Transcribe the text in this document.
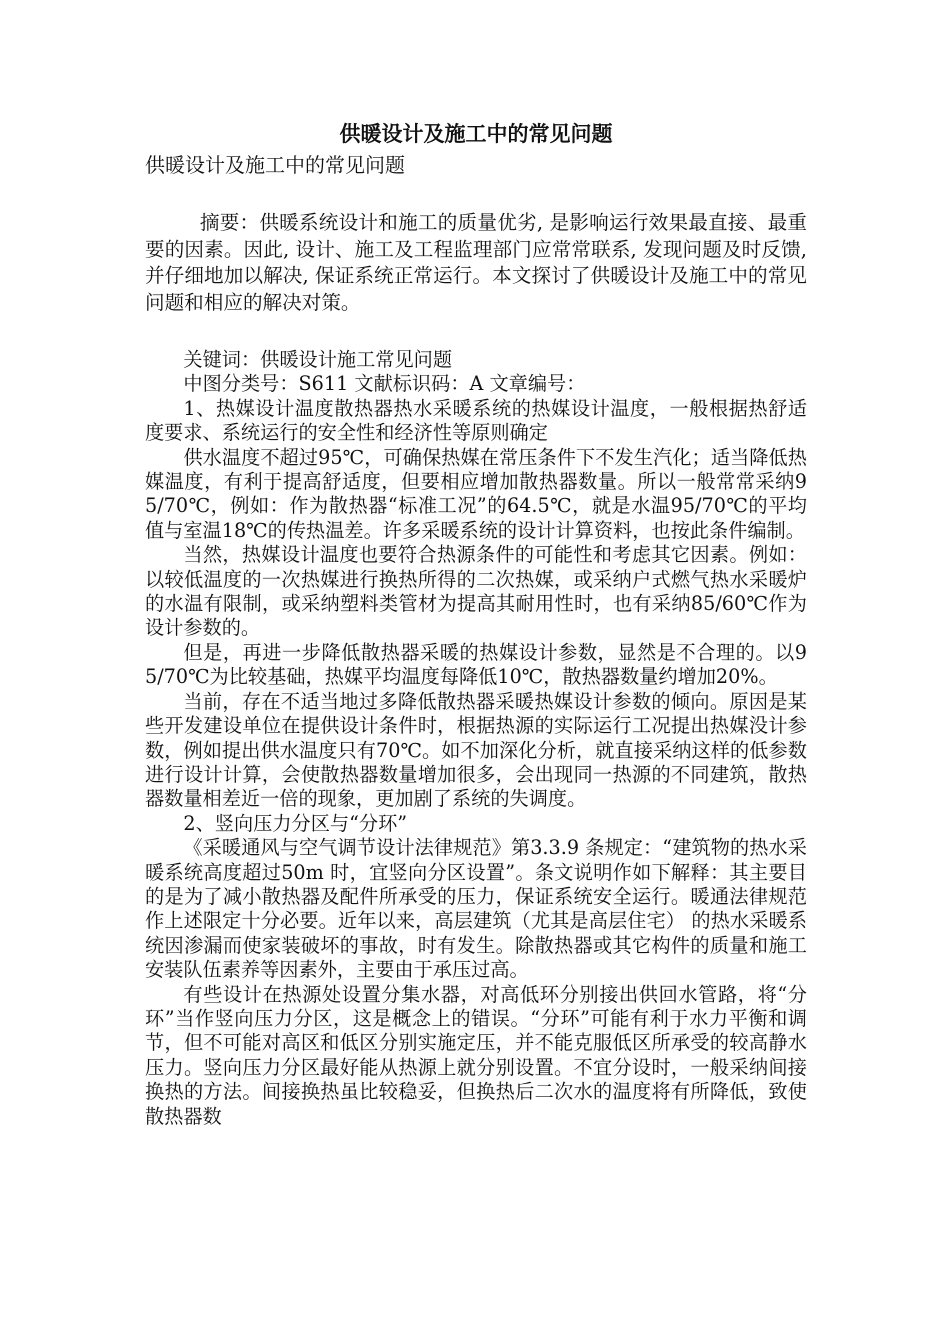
供暖设计及施工中的常见问题

供暖设计及施工中的常见问题

摘要：供暖系统设计和施工的质量优劣, 是影响运行效果最直接、最重要的因素。因此, 设计、施工及工程监理部门应常常联系, 发现问题及时反馈, 并仔细地加以解决, 保证系统正常运行。本文探讨了供暖设计及施工中的常见问题和相应的解决对策。

关键词：供暖设计施工常见问题

中图分类号：S611 文献标识码：A 文章编号：

1、热媒设计温度散热器热水采暖系统的热媒设计温度，一般根据热舒适度要求、系统运行的安全性和经济性等原则确定

供水温度不超过95℃，可确保热媒在常压条件下不发生汽化；适当降低热媒温度，有利于提高舒适度，但要相应增加散热器数量。所以一般常常采纳95/70℃，例如：作为散热器“标准工况”的64.5℃，就是水温95/70℃的平均值与室温18℃的传热温差。许多采暖系统的设计计算资料，也按此条件编制。

当然，热媒设计温度也要符合热源条件的可能性和考虑其它因素。例如：以较低温度的一次热媒进行换热所得的二次热媒，或采纳户式燃气热水采暖炉的水温有限制，或采纳塑料类管材为提高其耐用性时，也有采纳85/60℃作为设计参数的。

但是，再进一步降低散热器采暖的热媒设计参数，显然是不合理的。以95/70℃为比较基础，热媒平均温度每降低10℃，散热器数量约增加20%。

当前，存在不适当地过多降低散热器采暖热媒设计参数的倾向。原因是某些开发建设单位在提供设计条件时，根据热源的实际运行工况提出热媒没计参数，例如提出供水温度只有70℃。如不加深化分析，就直接采纳这样的低参数进行设计计算，会使散热器数量增加很多，会出现同一热源的不同建筑，散热器数量相差近一倍的现象，更加剧了系统的失调度。

2、竖向压力分区与“分环”

《采暖通风与空气调节设计法律规范》第3.3.9 条规定：“建筑物的热水采暖系统高度超过50m 时，宜竖向分区设置”。条文说明作如下解释：其主要目的是为了减小散热器及配件所承受的压力，保证系统安全运行。暖通法律规范作上述限定十分必要。近年以来，高层建筑（尤其是高层住宅） 的热水采暖系统因渗漏而使家装破坏的事故，时有发生。除散热器或其它构件的质量和施工安装队伍素养等因素外，主要由于承压过高。

有些设计在热源处设置分集水器，对高低环分别接出供回水管路，将“分环”当作竖向压力分区，这是概念上的错误。“分环”可能有利于水力平衡和调节，但不可能对高区和低区分别实施定压，并不能克服低区所承受的较高静水压力。竖向压力分区最好能从热源上就分别设置。不宜分设时，一般采纳间接换热的方法。间接换热虽比较稳妥，但换热后二次水的温度将有所降低，致使散热器数
